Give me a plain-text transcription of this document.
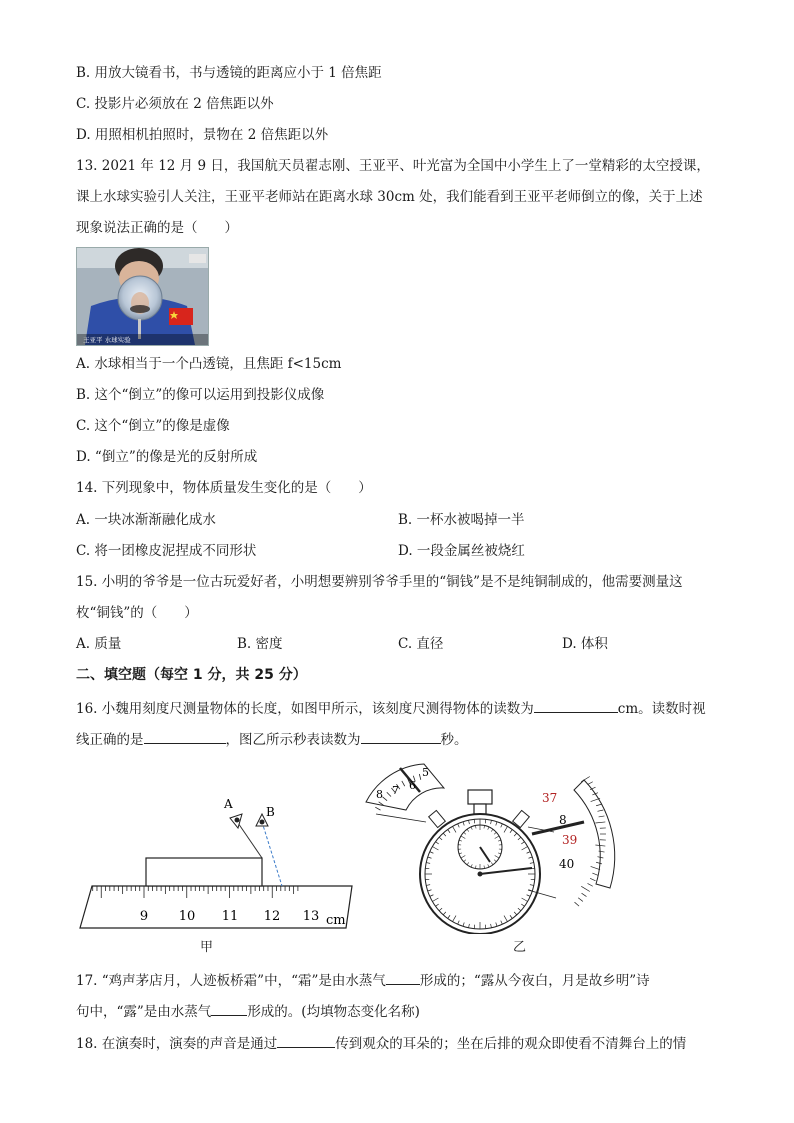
B. 用放大镜看书，书与透镜的距离应小于 1 倍焦距
C. 投影片必须放在 2 倍焦距以外
D. 用照相机拍照时，景物在 2 倍焦距以外
13. 2021 年 12 月 9 日，我国航天员翟志刚、王亚平、叶光富为全国中小学生上了一堂精彩的太空授课，
课上水球实验引人关注，王亚平老师站在距离水球 30cm 处，我们能看到王亚平老师倒立的像，关于上述
现象说法正确的是（　　）
王亚平 水球实验
A. 水球相当于一个凸透镜，且焦距 f<15cm
B. 这个“倒立”的像可以运用到投影仪成像
C. 这个“倒立”的像是虚像
D. “倒立”的像是光的反射所成
14. 下列现象中，物体质量发生变化的是（　　）
A. 一块冰渐渐融化成水	B. 一杯水被喝掉一半
C. 将一团橡皮泥捏成不同形状	D. 一段金属丝被烧红
15. 小明的爷爷是一位古玩爱好者，小明想要辨别爷爷手里的“铜钱”是不是纯铜制成的，他需要测量这
枚“铜钱”的（　　）
A. 质量	B. 密度	C. 直径	D. 体积
二、填空题（每空 1 分，共 25 分）
16. 小魏用刻度尺测量物体的长度，如图甲所示，该刻度尺测得物体的读数为	cm。读数时视
线正确的是	，图乙所示秒表读数为	秒。
9 10 11 12 13 cm
A
B
8 7 6
5
37
8
39
40
甲	乙
17. “鸡声茅店月，人迹板桥霜”中，“霜”是由水蒸气	形成的；“露从今夜白，月是故乡明”诗
句中，“露”是由水蒸气	形成的。(均填物态变化名称)
18. 在演奏时，演奏的声音是通过	传到观众的耳朵的；坐在后排的观众即使看不清舞台上的情
